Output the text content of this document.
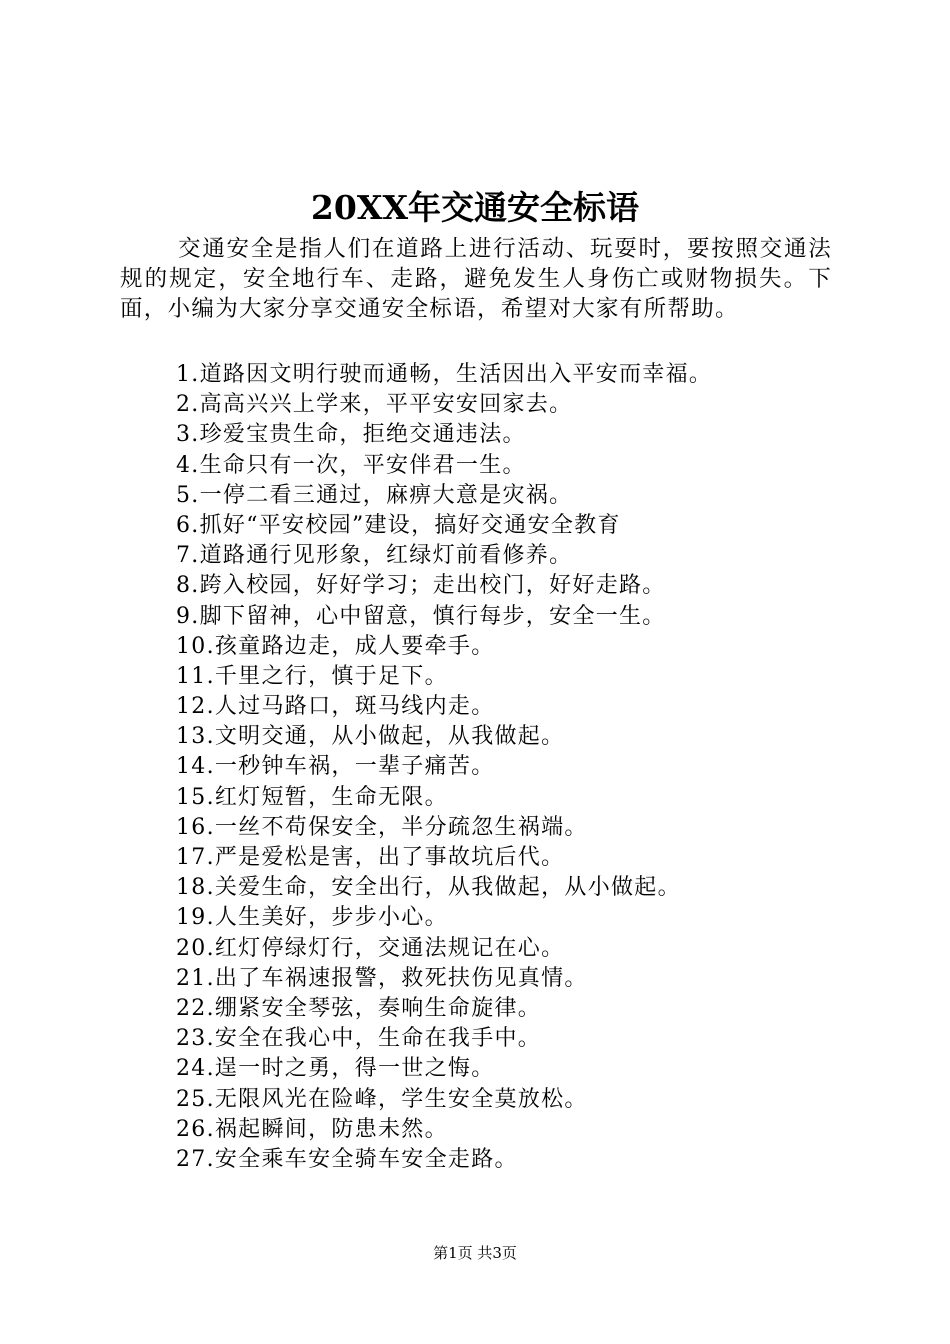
20XX年交通安全标语

交通安全是指人们在道路上进行活动、玩耍时，要按照交通法规的规定，安全地行车、走路，避免发生人身伤亡或财物损失。下面，小编为大家分享交通安全标语，希望对大家有所帮助。

1.道路因文明行驶而通畅，生活因出入平安而幸福。
2.高高兴兴上学来，平平安安回家去。
3.珍爱宝贵生命，拒绝交通违法。
4.生命只有一次，平安伴君一生。
5.一停二看三通过，麻痹大意是灾祸。
6.抓好“平安校园”建设，搞好交通安全教育
7.道路通行见形象，红绿灯前看修养。
8.跨入校园，好好学习；走出校门，好好走路。
9.脚下留神，心中留意，慎行每步，安全一生。
10.孩童路边走，成人要牵手。
11.千里之行，慎于足下。
12.人过马路口，斑马线内走。
13.文明交通，从小做起，从我做起。
14.一秒钟车祸，一辈子痛苦。
15.红灯短暂，生命无限。
16.一丝不苟保安全，半分疏忽生祸端。
17.严是爱松是害，出了事故坑后代。
18.关爱生命，安全出行，从我做起，从小做起。
19.人生美好，步步小心。
20.红灯停绿灯行，交通法规记在心。
21.出了车祸速报警，救死扶伤见真情。
22.绷紧安全琴弦，奏响生命旋律。
23.安全在我心中，生命在我手中。
24.逞一时之勇，得一世之悔。
25.无限风光在险峰，学生安全莫放松。
26.祸起瞬间，防患未然。
27.安全乘车安全骑车安全走路。
第1页 共3页
